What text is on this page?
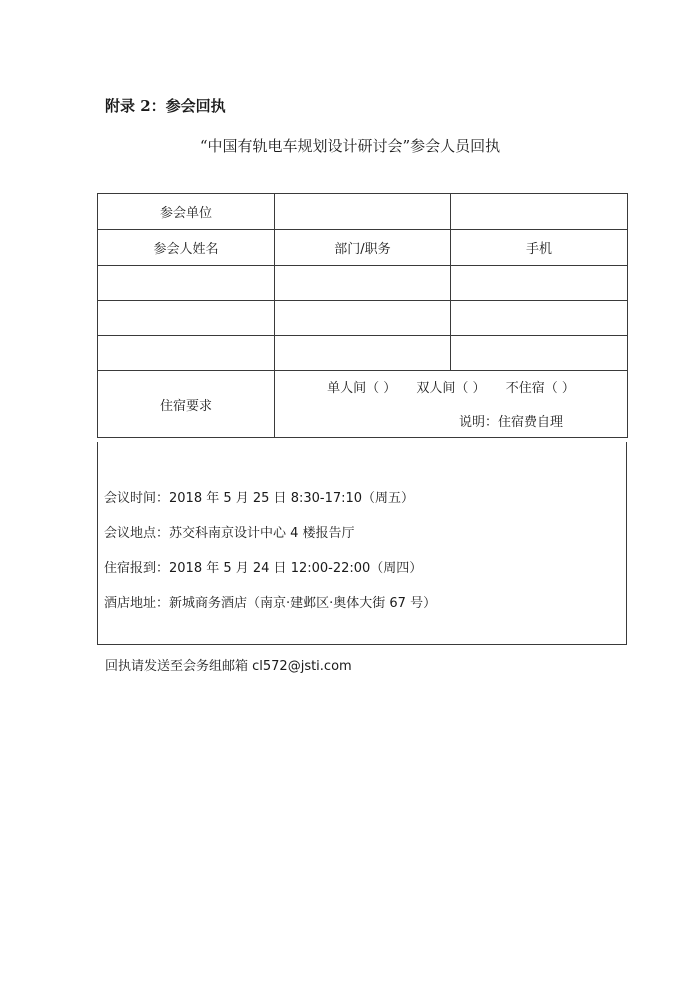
附录 2：参会回执
“中国有轨电车规划设计研讨会”参会人员回执
参会单位		
参会人姓名	部门/职务	手机

住宿要求	单人间（ ） 双人间（ ） 不住宿（ ）
说明：住宿费自理	
会议时间：2018 年 5 月 25 日 8:30-17:10（周五）
会议地点：苏交科南京设计中心 4 楼报告厅
住宿报到：2018 年 5 月 24 日 12:00-22:00（周四）
酒店地址：新城商务酒店（南京·建邺区·奥体大街 67 号）
回执请发送至会务组邮箱 cl572@jsti.com
